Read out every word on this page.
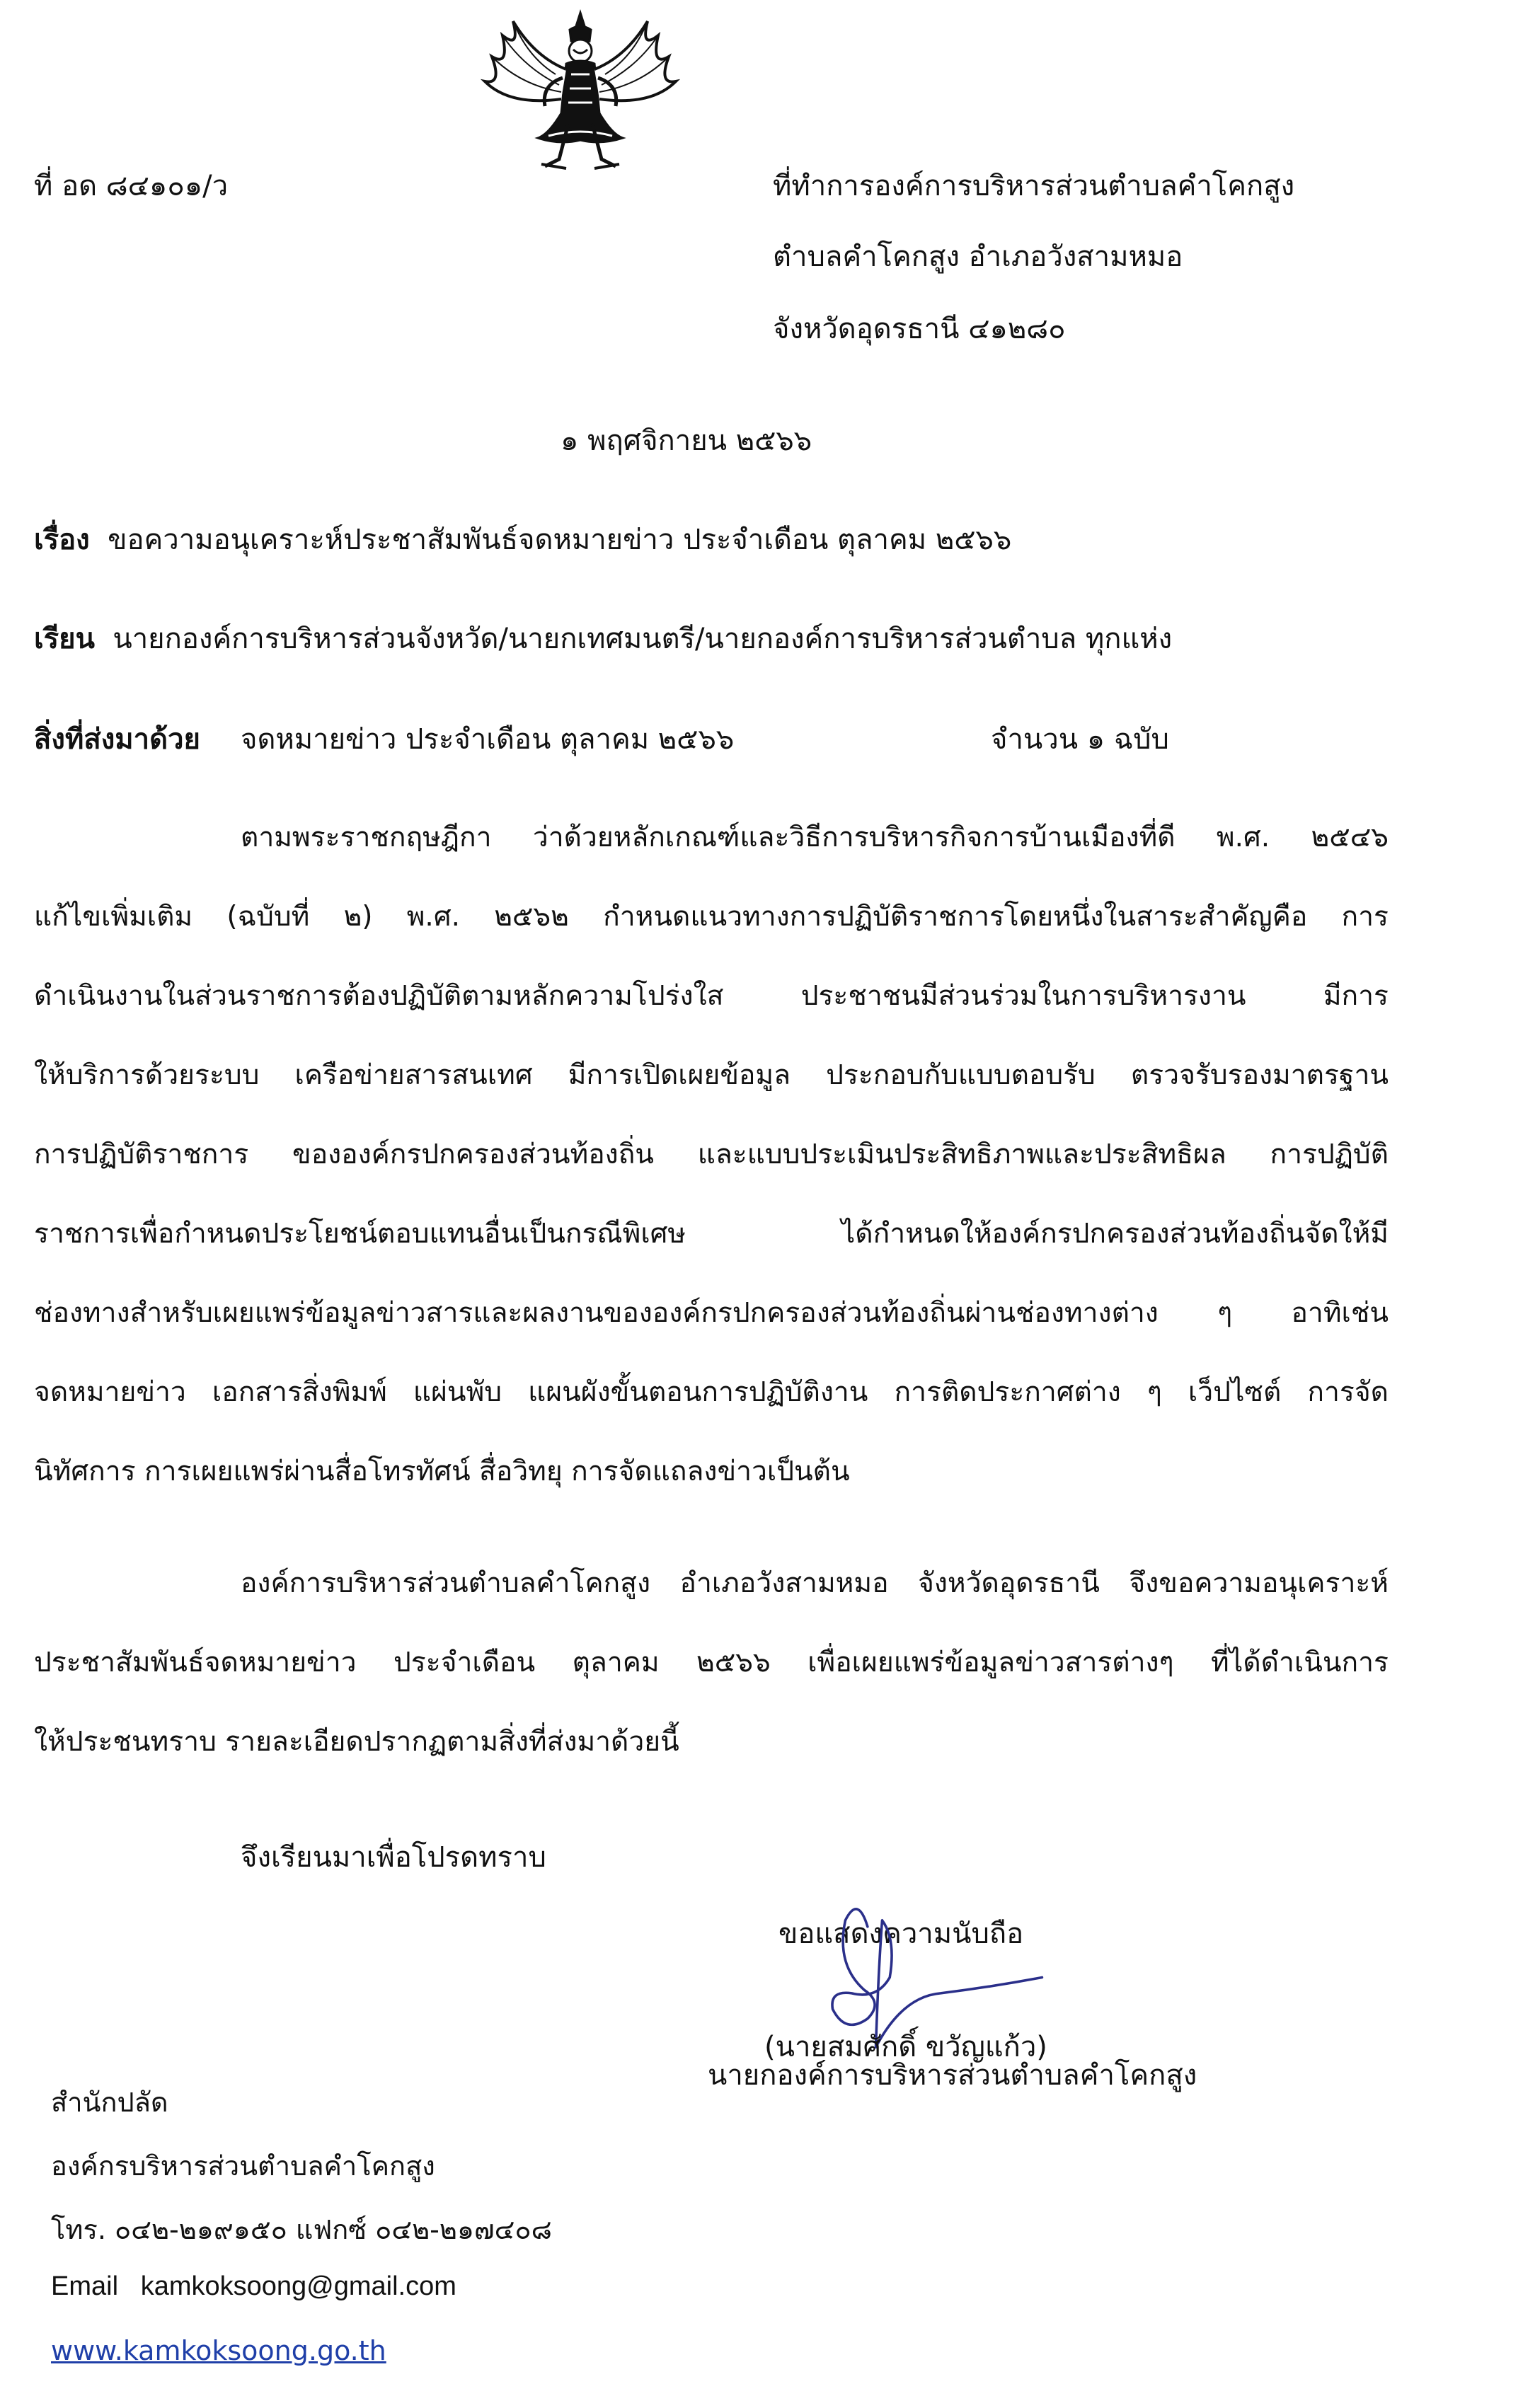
ที่ อด ๘๔๑๐๑/ว	ที่ทำการองค์การบริหารส่วนตำบลคำโคกสูง
ตำบลคำโคกสูง อำเภอวังสามหมอ
จังหวัดอุดรธานี ๔๑๒๘๐
๑ พฤศจิกายน ๒๕๖๖
เรื่อง ขอความอนุเคราะห์ประชาสัมพันธ์จดหมายข่าว ประจำเดือน ตุลาคม ๒๕๖๖
เรียน นายกองค์การบริหารส่วนจังหวัด/นายกเทศมนตรี/นายกองค์การบริหารส่วนตำบล ทุกแห่ง
สิ่งที่ส่งมาด้วย จดหมายข่าว ประจำเดือน ตุลาคม ๒๕๖๖	จำนวน ๑ ฉบับ
ตามพระราชกฤษฎีกา ว่าด้วยหลักเกณฑ์และวิธีการบริหารกิจการบ้านเมืองที่ดี พ.ศ. ๒๕๔๖
แก้ไขเพิ่มเติม (ฉบับที่ ๒) พ.ศ. ๒๕๖๒ กำหนดแนวทางการปฏิบัติราชการโดยหนึ่งในสาระสำคัญคือ การ
ดำเนินงานในส่วนราชการต้องปฏิบัติตามหลักความโปร่งใส ประชาชนมีส่วนร่วมในการบริหารงาน มีการ
ให้บริการด้วยระบบ เครือข่ายสารสนเทศ มีการเปิดเผยข้อมูล ประกอบกับแบบตอบรับ ตรวจรับรองมาตรฐาน
การปฏิบัติราชการ ขององค์กรปกครองส่วนท้องถิ่น และแบบประเมินประสิทธิภาพและประสิทธิผล การปฏิบัติ
ราชการเพื่อกำหนดประโยชน์ตอบแทนอื่นเป็นกรณีพิเศษ ได้กำหนดให้องค์กรปกครองส่วนท้องถิ่นจัดให้มี
ช่องทางสำหรับเผยแพร่ข้อมูลข่าวสารและผลงานขององค์กรปกครองส่วนท้องถิ่นผ่านช่องทางต่าง ๆ อาทิเช่น
จดหมายข่าว เอกสารสิ่งพิมพ์ แผ่นพับ แผนผังขั้นตอนการปฏิบัติงาน การติดประกาศต่าง ๆ เว็ปไซต์ การจัด
นิทัศการ การเผยแพร่ผ่านสื่อโทรทัศน์ สื่อวิทยุ การจัดแถลงข่าวเป็นต้น
องค์การบริหารส่วนตำบลคำโคกสูง อำเภอวังสามหมอ จังหวัดอุดรธานี จึงขอความอนุเคราะห์
ประชาสัมพันธ์จดหมายข่าว ประจำเดือน ตุลาคม ๒๕๖๖ เพื่อเผยแพร่ข้อมูลข่าวสารต่างๆ ที่ได้ดำเนินการ
ให้ประชนทราบ รายละเอียดปรากฏตามสิ่งที่ส่งมาด้วยนี้
จึงเรียนมาเพื่อโปรดทราบ
ขอแสดงความนับถือ
(นายสมศักดิ์ ขวัญแก้ว)
นายกองค์การบริหารส่วนตำบลคำโคกสูง
สำนักปลัด
องค์กรบริหารส่วนตำบลคำโคกสูง
โทร. ๐๔๒-๒๑๙๑๕๐ แฟกซ์ ๐๔๒-๒๑๗๔๐๘
Email kamkoksoong@gmail.com
www.kamkoksoong.go.th
